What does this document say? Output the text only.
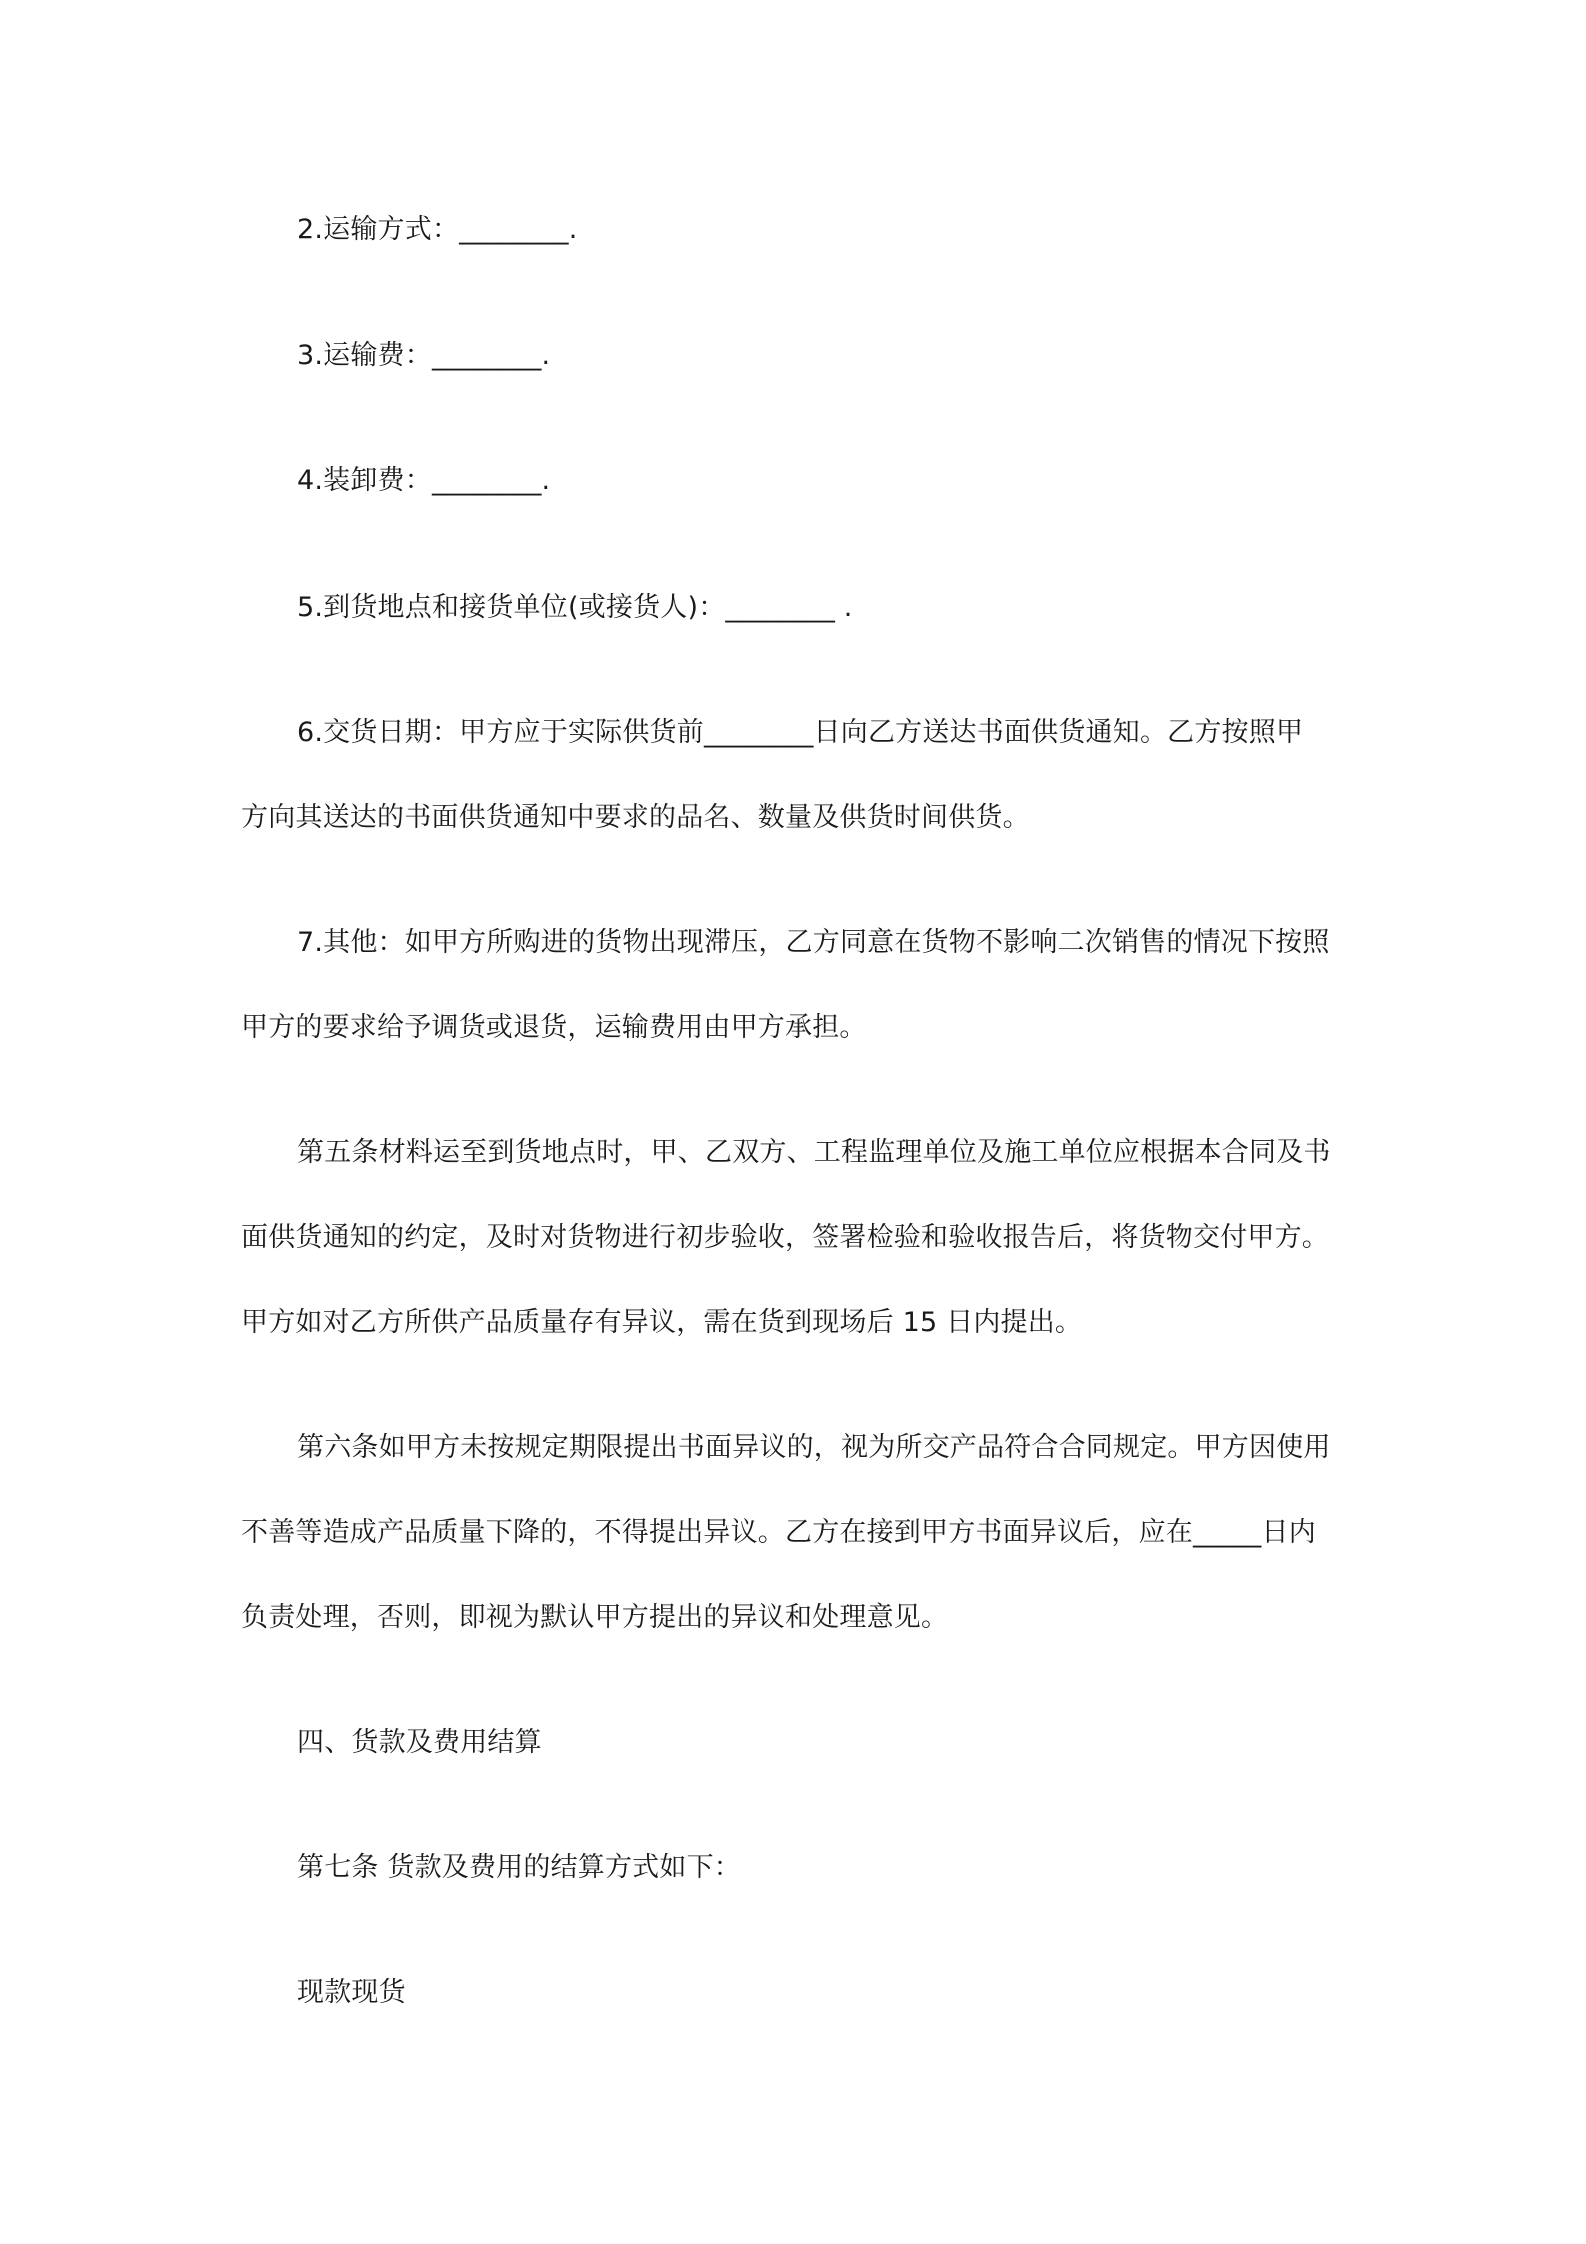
2.运输方式：________.
3.运输费：________.
4.装卸费：________.
5.到货地点和接货单位(或接货人)：________ .
6.交货日期：甲方应于实际供货前________日向乙方送达书面供货通知。乙方按照甲
方向其送达的书面供货通知中要求的品名、数量及供货时间供货。
7.其他：如甲方所购进的货物出现滞压，乙方同意在货物不影响二次销售的情况下按照
甲方的要求给予调货或退货，运输费用由甲方承担。
第五条材料运至到货地点时，甲、乙双方、工程监理单位及施工单位应根据本合同及书
面供货通知的约定，及时对货物进行初步验收，签署检验和验收报告后，将货物交付甲方。
甲方如对乙方所供产品质量存有异议，需在货到现场后 15 日内提出。
第六条如甲方未按规定期限提出书面异议的，视为所交产品符合合同规定。甲方因使用
不善等造成产品质量下降的，不得提出异议。乙方在接到甲方书面异议后，应在_____日内
负责处理，否则，即视为默认甲方提出的异议和处理意见。
四、货款及费用结算
第七条 货款及费用的结算方式如下：
现款现货
